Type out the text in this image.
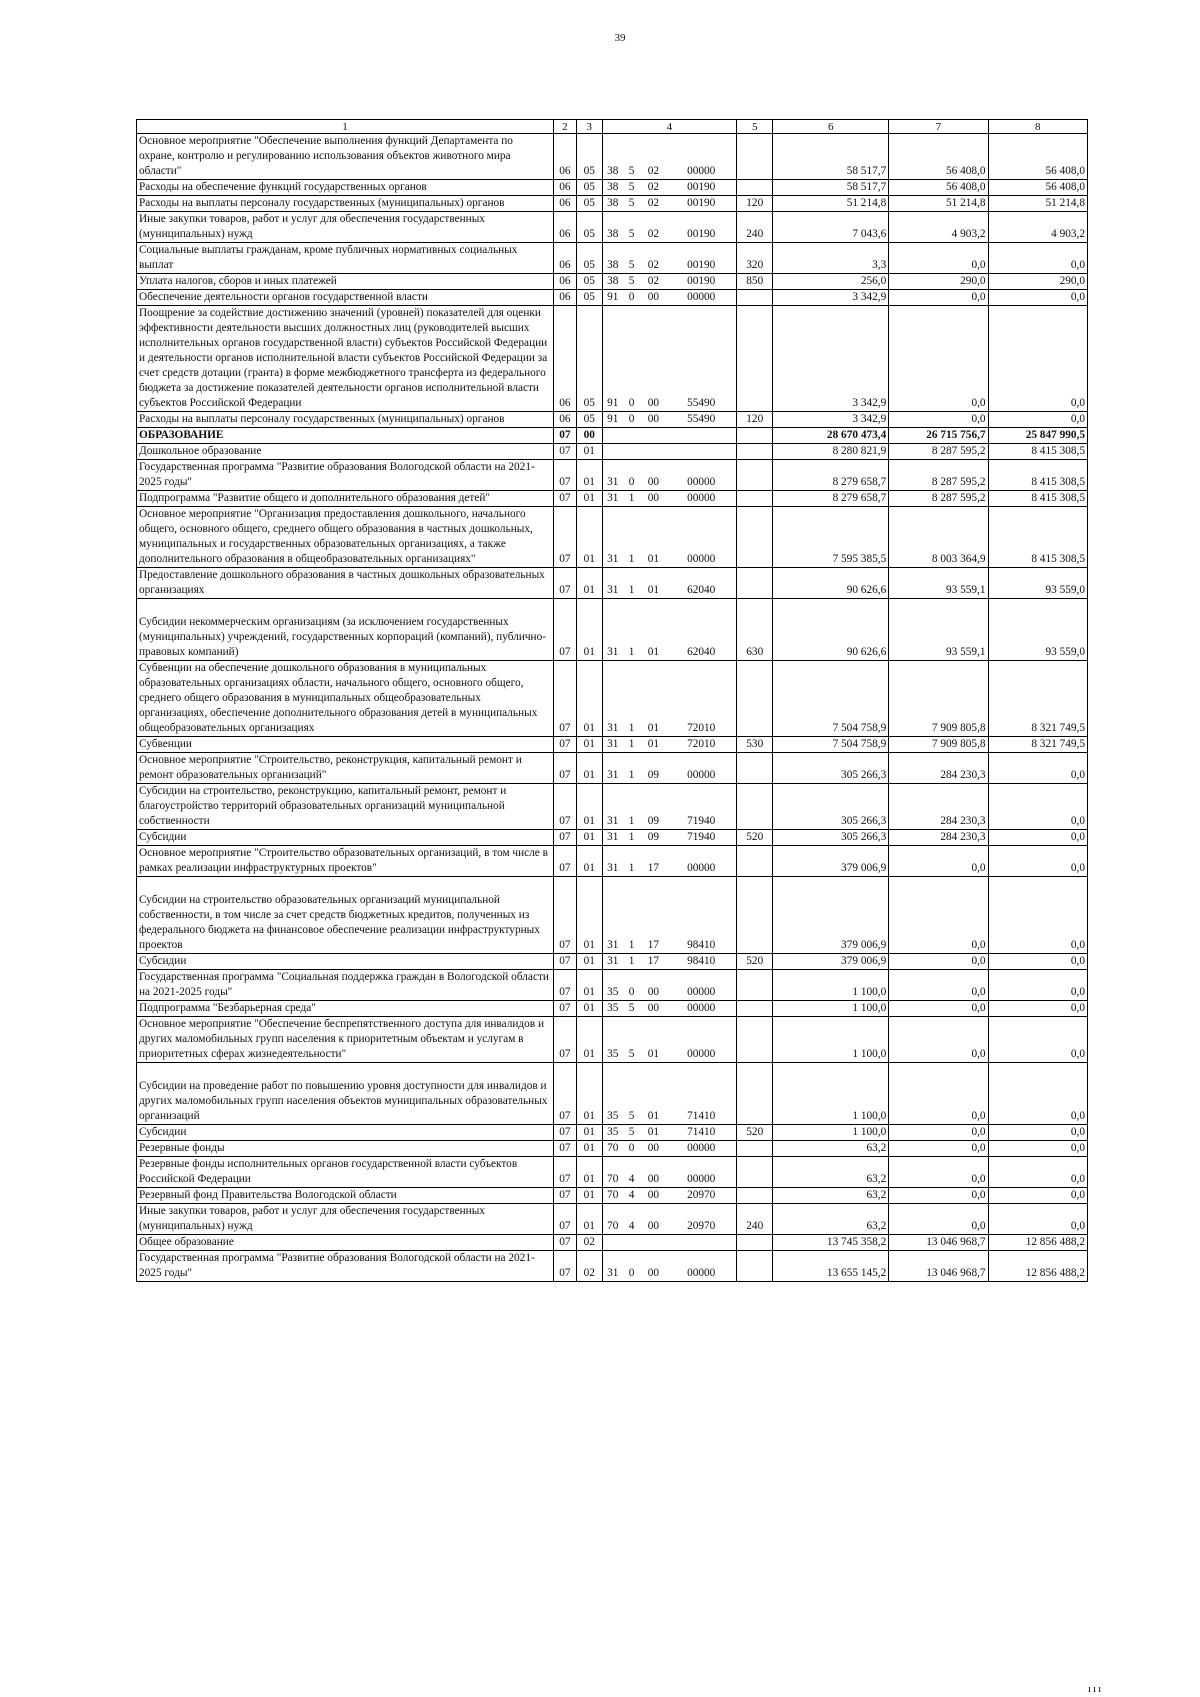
39
1	2	3	4				5	6	7	8
Основное мероприятие "Обеспечение выполнения функций Департамента по охране, контролю и регулированию использования объектов животного мира области"	06	05	38	5	02	00000		58 517,7	56 408,0	56 408,0
Расходы на обеспечение функций государственных органов	06	05	38	5	02	00190		58 517,7	56 408,0	56 408,0
Расходы на выплаты персоналу государственных (муниципальных) органов	06	05	38	5	02	00190	120	51 214,8	51 214,8	51 214,8
Иные закупки товаров, работ и услуг для обеспечения государственных (муниципальных) нужд	06	05	38	5	02	00190	240	7 043,6	4 903,2	4 903,2
Социальные выплаты гражданам, кроме публичных нормативных социальных выплат	06	05	38	5	02	00190	320	3,3	0,0	0,0
Уплата налогов, сборов и иных платежей	06	05	38	5	02	00190	850	256,0	290,0	290,0
Обеспечение деятельности органов государственной власти	06	05	91	0	00	00000		3 342,9	0,0	0,0
Поощрение за содействие достижению значений (уровней) показателей для оценки эффективности деятельности высших должностных лиц (руководителей высших исполнительных органов государственной власти) субъектов Российской Федерации и деятельности органов исполнительной власти субъектов Российской Федерации за счет средств дотации (гранта) в форме межбюджетного трансферта из федерального бюджета за достижение показателей деятельности органов исполнительной власти субъектов Российской Федерации	06	05	91	0	00	55490		3 342,9	0,0	0,0
Расходы на выплаты персоналу государственных (муниципальных) органов	06	05	91	0	00	55490	120	3 342,9	0,0	0,0
ОБРАЗОВАНИЕ	07	00						28 670 473,4	26 715 756,7	25 847 990,5
Дошкольное образование	07	01						8 280 821,9	8 287 595,2	8 415 308,5
Государственная программа "Развитие образования Вологодской области на 2021-2025 годы"	07	01	31	0	00	00000		8 279 658,7	8 287 595,2	8 415 308,5
Подпрограмма "Развитие общего и дополнительного образования детей"	07	01	31	1	00	00000		8 279 658,7	8 287 595,2	8 415 308,5
Основное мероприятие "Организация предоставления дошкольного, начального общего, основного общего, среднего общего образования в частных дошкольных, муниципальных и государственных образовательных организациях, а также дополнительного образования в общеобразовательных организациях"	07	01	31	1	01	00000		7 595 385,5	8 003 364,9	8 415 308,5
Предоставление дошкольного образования в частных дошкольных образовательных организациях	07	01	31	1	01	62040		90 626,6	93 559,1	93 559,0
Субсидии некоммерческим организациям (за исключением государственных (муниципальных) учреждений, государственных корпораций (компаний), публично-правовых компаний)	07	01	31	1	01	62040	630	90 626,6	93 559,1	93 559,0
Субвенции на обеспечение дошкольного образования в муниципальных образовательных организациях области, начального общего, основного общего, среднего общего образования в муниципальных общеобразовательных организациях, обеспечение дополнительного образования детей в муниципальных общеобразовательных организациях	07	01	31	1	01	72010		7 504 758,9	7 909 805,8	8 321 749,5
Субвенции	07	01	31	1	01	72010	530	7 504 758,9	7 909 805,8	8 321 749,5
Основное мероприятие "Строительство, реконструкция, капитальный ремонт и ремонт образовательных организаций"	07	01	31	1	09	00000		305 266,3	284 230,3	0,0
Субсидии на строительство, реконструкцию, капитальный ремонт, ремонт и благоустройство территорий образовательных организаций муниципальной собственности	07	01	31	1	09	71940		305 266,3	284 230,3	0,0
Субсидии	07	01	31	1	09	71940	520	305 266,3	284 230,3	0,0
Основное мероприятие "Строительство образовательных организаций, в том числе в рамках реализации инфраструктурных проектов"	07	01	31	1	17	00000		379 006,9	0,0	0,0
Субсидии на строительство образовательных организаций муниципальной собственности, в том числе за счет средств бюджетных кредитов, полученных из федерального бюджета на финансовое обеспечение реализации инфраструктурных проектов	07	01	31	1	17	98410		379 006,9	0,0	0,0
Субсидии	07	01	31	1	17	98410	520	379 006,9	0,0	0,0
Государственная программа "Социальная поддержка граждан в Вологодской области на 2021-2025 годы"	07	01	35	0	00	00000		1 100,0	0,0	0,0
Подпрограмма "Безбарьерная среда"	07	01	35	5	00	00000		1 100,0	0,0	0,0
Основное мероприятие "Обеспечение беспрепятственного доступа для инвалидов и других маломобильных групп населения к приоритетным объектам и услугам в приоритетных сферах жизнедеятельности"	07	01	35	5	01	00000		1 100,0	0,0	0,0
Субсидии на проведение работ по повышению уровня доступности для инвалидов и других маломобильных групп населения объектов муниципальных образовательных организаций	07	01	35	5	01	71410		1 100,0	0,0	0,0
Субсидии	07	01	35	5	01	71410	520	1 100,0	0,0	0,0
Резервные фонды	07	01	70	0	00	00000		63,2	0,0	0,0
Резервные фонды исполнительных органов государственной власти субъектов Российской Федерации	07	01	70	4	00	00000		63,2	0,0	0,0
Резервный фонд Правительства Вологодской области	07	01	70	4	00	20970		63,2	0,0	0,0
Иные закупки товаров, работ и услуг для обеспечения государственных (муниципальных) нужд	07	01	70	4	00	20970	240	63,2	0,0	0,0
Общее образование	07	02						13 745 358,2	13 046 968,7	12 856 488,2
Государственная программа "Развитие образования Вологодской области на 2021-2025 годы"	07	02	31	0	00	00000		13 655 145,2	13 046 968,7	12 856 488,2
ııı
